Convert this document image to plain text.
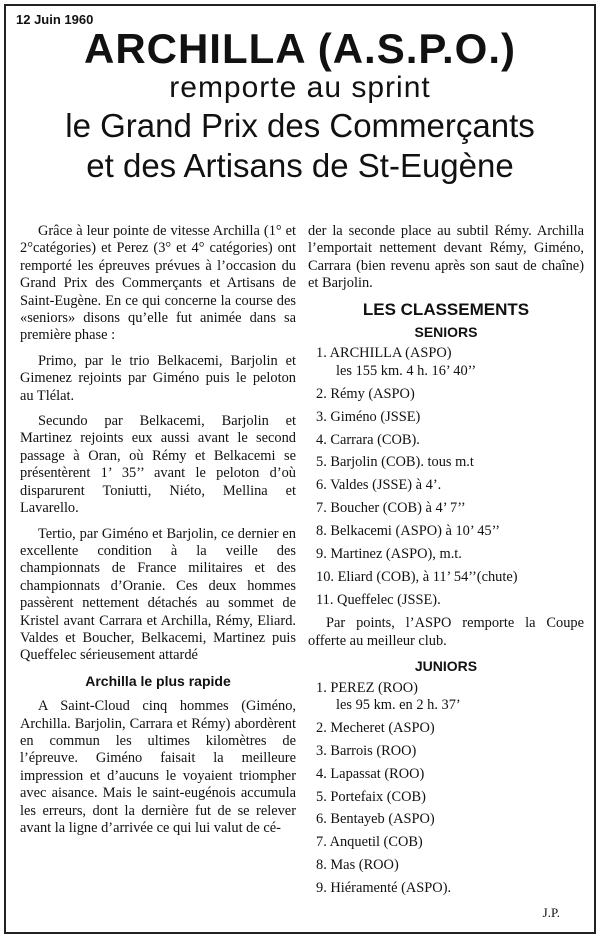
12 Juin 1960

ARCHILLA (A.S.P.O.)

remporte au sprint

le Grand Prix des Commerçants

et des Artisans de St-Eugène

Grâce à leur pointe de vitesse Archilla (1° et 2°catégories) et Perez (3° et 4° catégories) ont remporté les épreuves prévues à l’occasion du Grand Prix des Commerçants et Artisans de Saint-Eugène. En ce qui concerne la course des «seniors» disons qu’elle fut animée dans sa première phase :

Primo, par le trio Belkacemi, Barjolin et Gimenez rejoints par Giméno puis le peloton au Tlélat.

Secundo par Belkacemi, Barjolin et Martinez rejoints eux aussi avant le second passage à Oran, où Rémy et Belkacemi se présentèrent 1’ 35’’ avant le peloton d’où disparurent Toniutti, Niéto, Mellina et Lavarello.

Tertio, par Giméno et Barjolin, ce dernier en excellente condition à la veille des championnats de France militaires et des championnats d’Oranie. Ces deux hommes passèrent nettement détachés au sommet de Kristel avant Carrara et Archilla, Rémy, Eliard. Valdes et Boucher, Belkacemi, Martinez puis Queffelec sérieusement attardé

Archilla le plus rapide

A Saint-Cloud cinq hommes (Giméno, Archilla. Barjolin, Carrara et Rémy) abordèrent en commun les ultimes kilomètres de l’épreuve. Giméno faisait la meilleure impression et d’aucuns le voyaient triompher avec aisance. Mais le saint-eugénois accumula les erreurs, dont la dernière fut de se relever avant la ligne d’arrivée ce qui lui valut de cé-

der la seconde place au subtil Rémy. Archilla l’emportait nettement devant Rémy, Giméno, Carrara (bien revenu après son saut de chaîne) et Barjolin.

LES CLASSEMENTS
SENIORS
1. ARCHILLA (ASPO)
les 155 km. 4 h. 16’ 40’’
2. Rémy (ASPO)
3. Giméno (JSSE)
4. Carrara (COB).
5. Barjolin (COB). tous m.t
6. Valdes (JSSE) à 4’.
7. Boucher (COB) à 4’ 7’’
8. Belkacemi (ASPO) à 10’ 45’’
9. Martinez (ASPO), m.t.
10. Eliard (COB), à 11’ 54’’(chute)
11. Queffelec (JSSE).

Par points, l’ASPO remporte la Coupe offerte au meilleur club.

JUNIORS
1. PEREZ (ROO)
les 95 km. en 2 h. 37’
2. Mecheret (ASPO)
3. Barrois (ROO)
4. Lapassat (ROO)
5. Portefaix (COB)
6. Bentayeb (ASPO)
7. Anquetil (COB)
8. Mas (ROO)
9. Hiéramenté (ASPO).
J.P.
